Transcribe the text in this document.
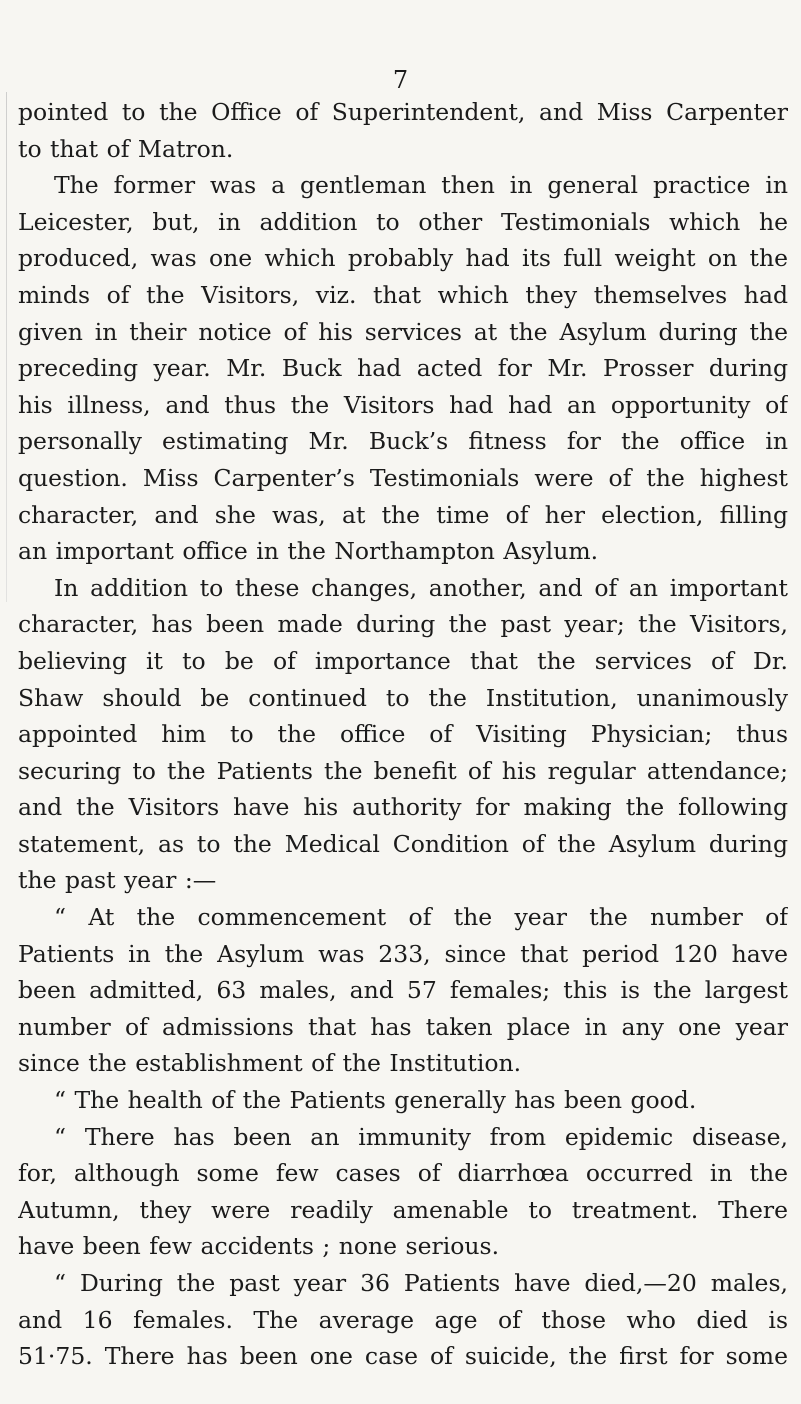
7
pointed to the Office of Superintendent, and Miss Carpenter
to that of Matron.
The former was a gentleman then in general practice in
Leicester, but, in addition to other Testimonials which he
produced, was one which probably had its full weight on the
minds of the Visitors, viz. that which they themselves had
given in their notice of his services at the Asylum during the
preceding year. Mr. Buck had acted for Mr. Prosser during
his illness, and thus the Visitors had had an opportunity of
personally estimating Mr. Buck’s fitness for the office in
question. Miss Carpenter’s Testimonials were of the highest
character, and she was, at the time of her election, filling
an important office in the Northampton Asylum.
In addition to these changes, another, and of an important
character, has been made during the past year; the Visitors,
believing it to be of importance that the services of Dr.
Shaw should be continued to the Institution, unanimously
appointed him to the office of Visiting Physician; thus
securing to the Patients the benefit of his regular attendance;
and the Visitors have his authority for making the following
statement, as to the Medical Condition of the Asylum during
the past year :—
“ At the commencement of the year the number of
Patients in the Asylum was 233, since that period 120 have
been admitted, 63 males, and 57 females; this is the largest
number of admissions that has taken place in any one year
since the establishment of the Institution.
“ The health of the Patients generally has been good.
“ There has been an immunity from epidemic disease,
for, although some few cases of diarrhœa occurred in the
Autumn, they were readily amenable to treatment. There
have been few accidents ; none serious.
“ During the past year 36 Patients have died,—20 males,
and 16 females. The average age of those who died is
51·75. There has been one case of suicide, the first for some
